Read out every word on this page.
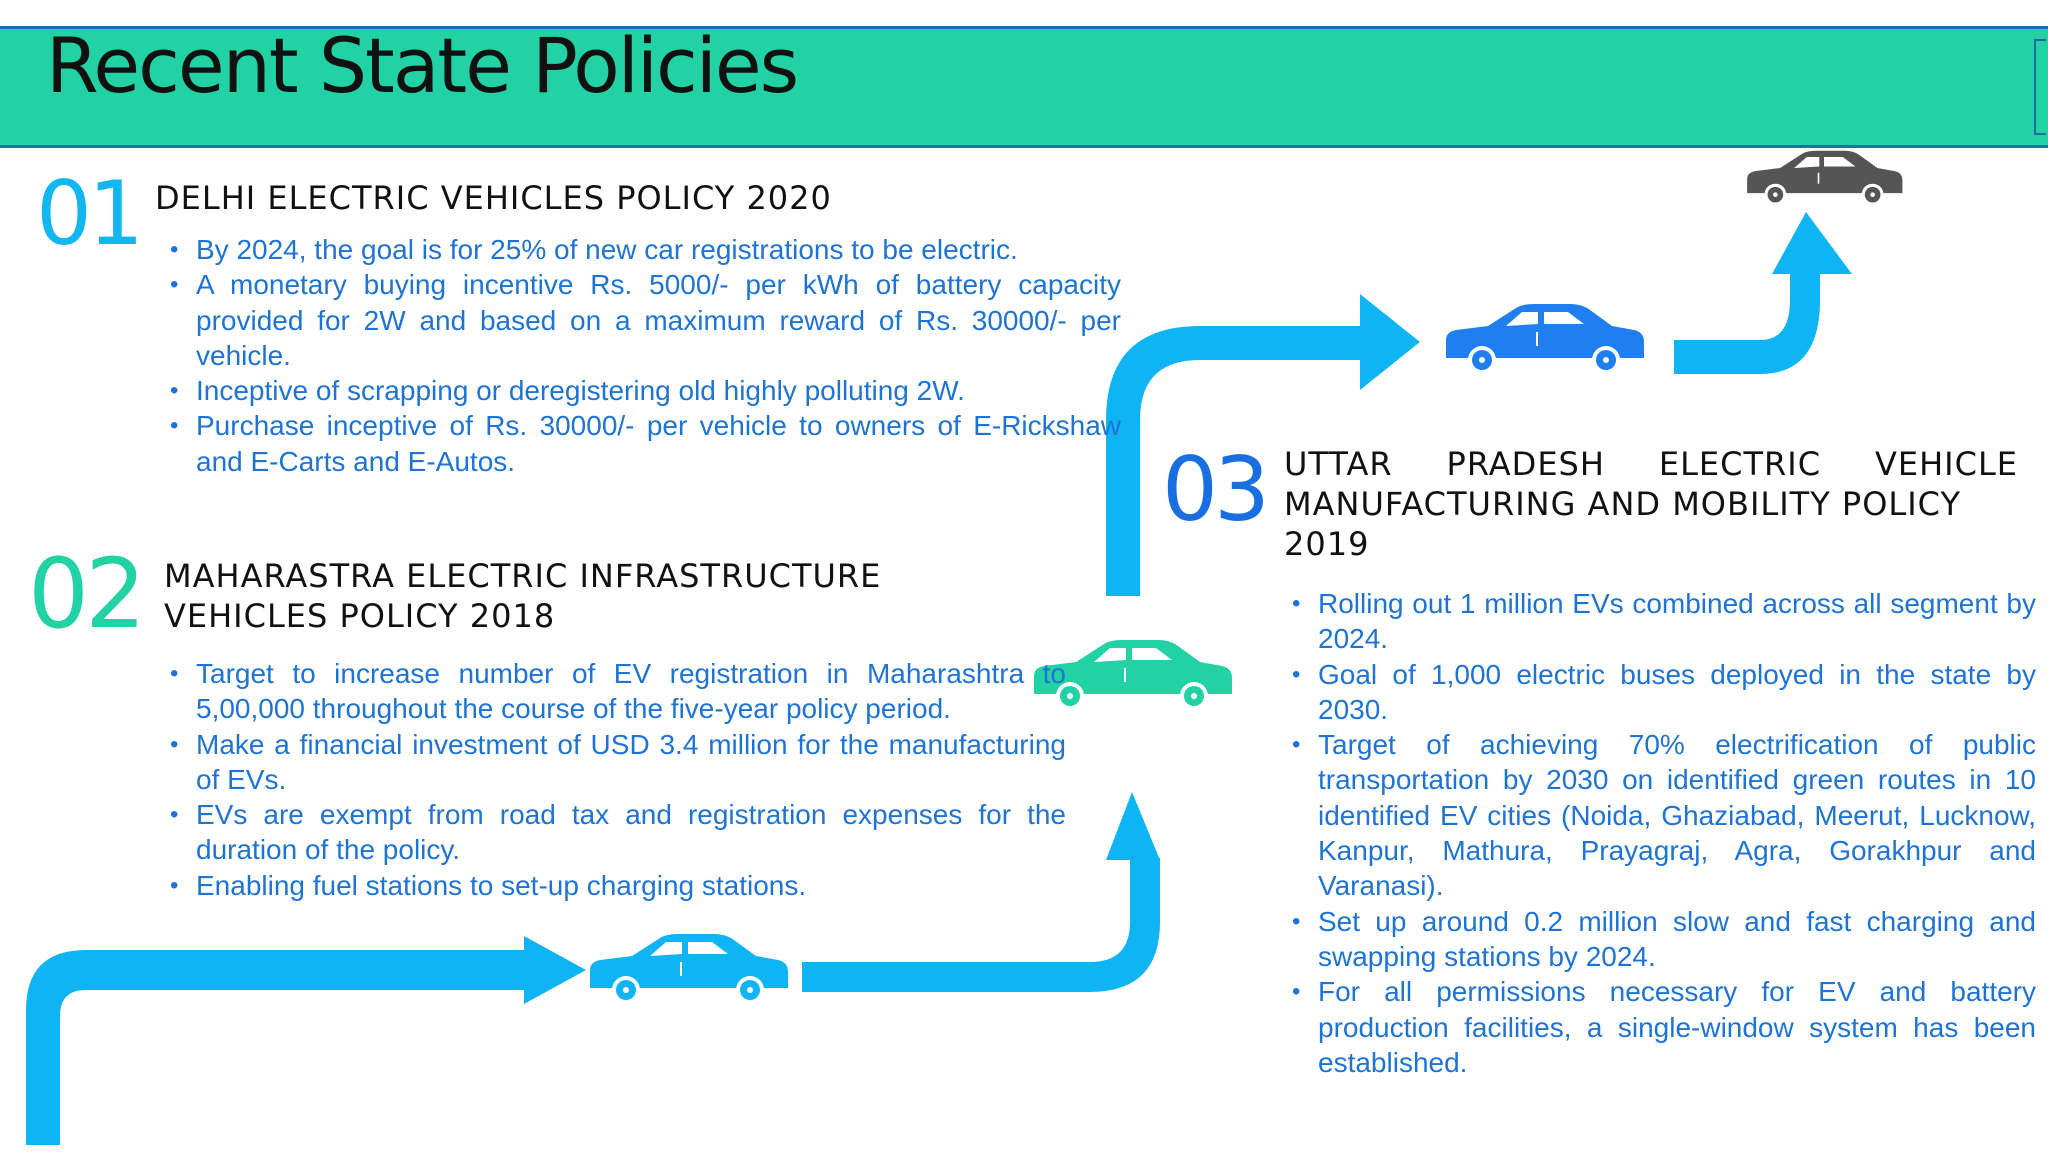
Recent State Policies
01 DELHI ELECTRIC VEHICLES POLICY 2020
• By 2024, the goal is for 25% of new car registrations to be electric.
• A monetary buying incentive Rs. 5000/- per kWh of battery capacity provided for 2W and based on a maximum reward of Rs. 30000/- per vehicle.
• Inceptive of scrapping or deregistering old highly polluting 2W.
• Purchase inceptive of Rs. 30000/- per vehicle to owners of E-Rickshaw and E-Carts and E-Autos.
02 MAHARASTRA ELECTRIC INFRASTRUCTURE VEHICLES POLICY 2018
• Target to increase number of EV registration in Maharashtra to 5,00,000 throughout the course of the five-year policy period.
• Make a financial investment of USD 3.4 million for the manufacturing of EVs.
• EVs are exempt from road tax and registration expenses for the duration of the policy.
• Enabling fuel stations to set-up charging stations.
03 UTTAR PRADESH ELECTRIC VEHICLE MANUFACTURING AND MOBILITY POLICY
2019
• Rolling out 1 million EVs combined across all segment by 2024.
• Goal of 1,000 electric buses deployed in the state by 2030.
• Target of achieving 70% electrification of public transportation by 2030 on identified green routes in 10 identified EV cities (Noida, Ghaziabad, Meerut, Lucknow, Kanpur, Mathura, Prayagraj, Agra, Gorakhpur and Varanasi).
• Set up around 0.2 million slow and fast charging and swapping stations by 2024.
• For all permissions necessary for EV and battery production facilities, a single-window system has been established.
